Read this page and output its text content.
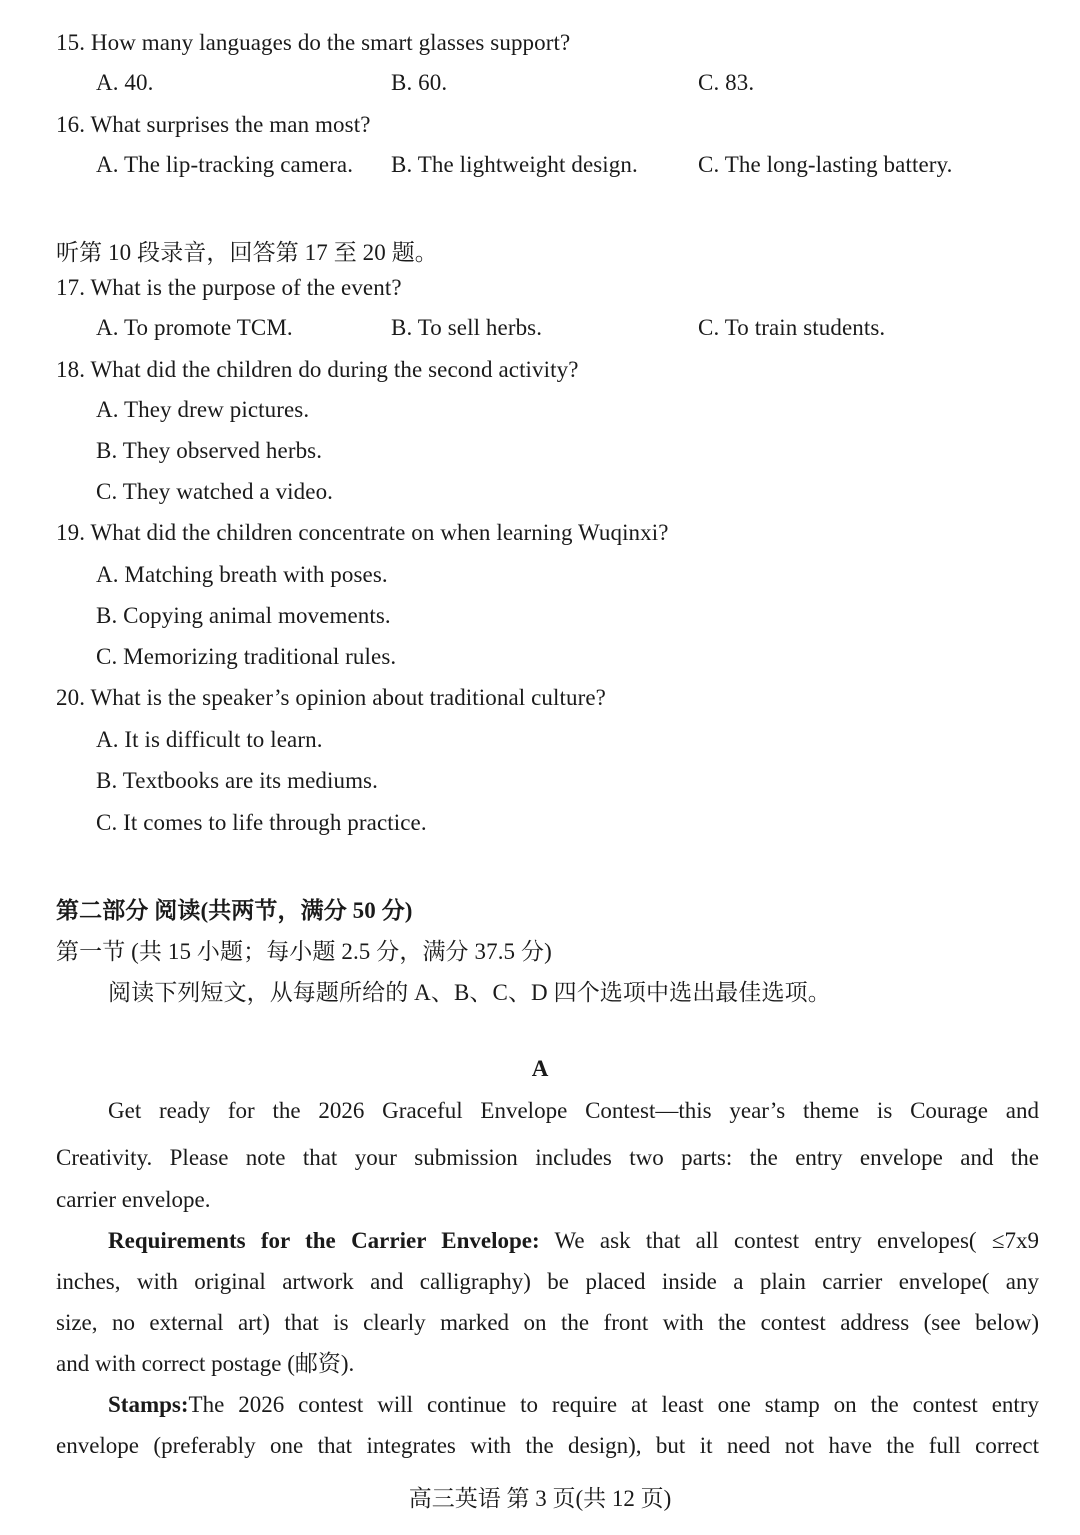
15. How many languages do the smart glasses support?
A. 40.	B. 60.	C. 83.
16. What surprises the man most?
A. The lip-tracking camera.	B. The lightweight design.	C. The long-lasting battery.
听第 10 段录音，回答第 17 至 20 题。
17. What is the purpose of the event?
A. To promote TCM.	B. To sell herbs.	C. To train students.
18. What did the children do during the second activity?
A. They drew pictures.
B. They observed herbs.
C. They watched a video.
19. What did the children concentrate on when learning Wuqinxi?
A. Matching breath with poses.
B. Copying animal movements.
C. Memorizing traditional rules.
20. What is the speaker’s opinion about traditional culture?
A. It is difficult to learn.
B. Textbooks are its mediums.
C. It comes to life through practice.
第二部分 阅读(共两节，满分 50 分)
第一节 (共 15 小题；每小题 2.5 分，满分 37.5 分)
阅读下列短文，从每题所给的 A、B、C、D 四个选项中选出最佳选项。
A
Get ready for the 2026 Graceful Envelope Contest—this year’s theme is Courage and
Creativity. Please note that your submission includes two parts: the entry envelope and the
carrier envelope.
Requirements for the Carrier Envelope: We ask that all contest entry envelopes( ≤7x9
inches, with original artwork and calligraphy) be placed inside a plain carrier envelope( any
size, no external art) that is clearly marked on the front with the contest address (see below)
and with correct postage (邮资).
Stamps:The 2026 contest will continue to require at least one stamp on the contest entry
envelope (preferably one that integrates with the design), but it need not have the full correct
高三英语 第 3 页(共 12 页)
